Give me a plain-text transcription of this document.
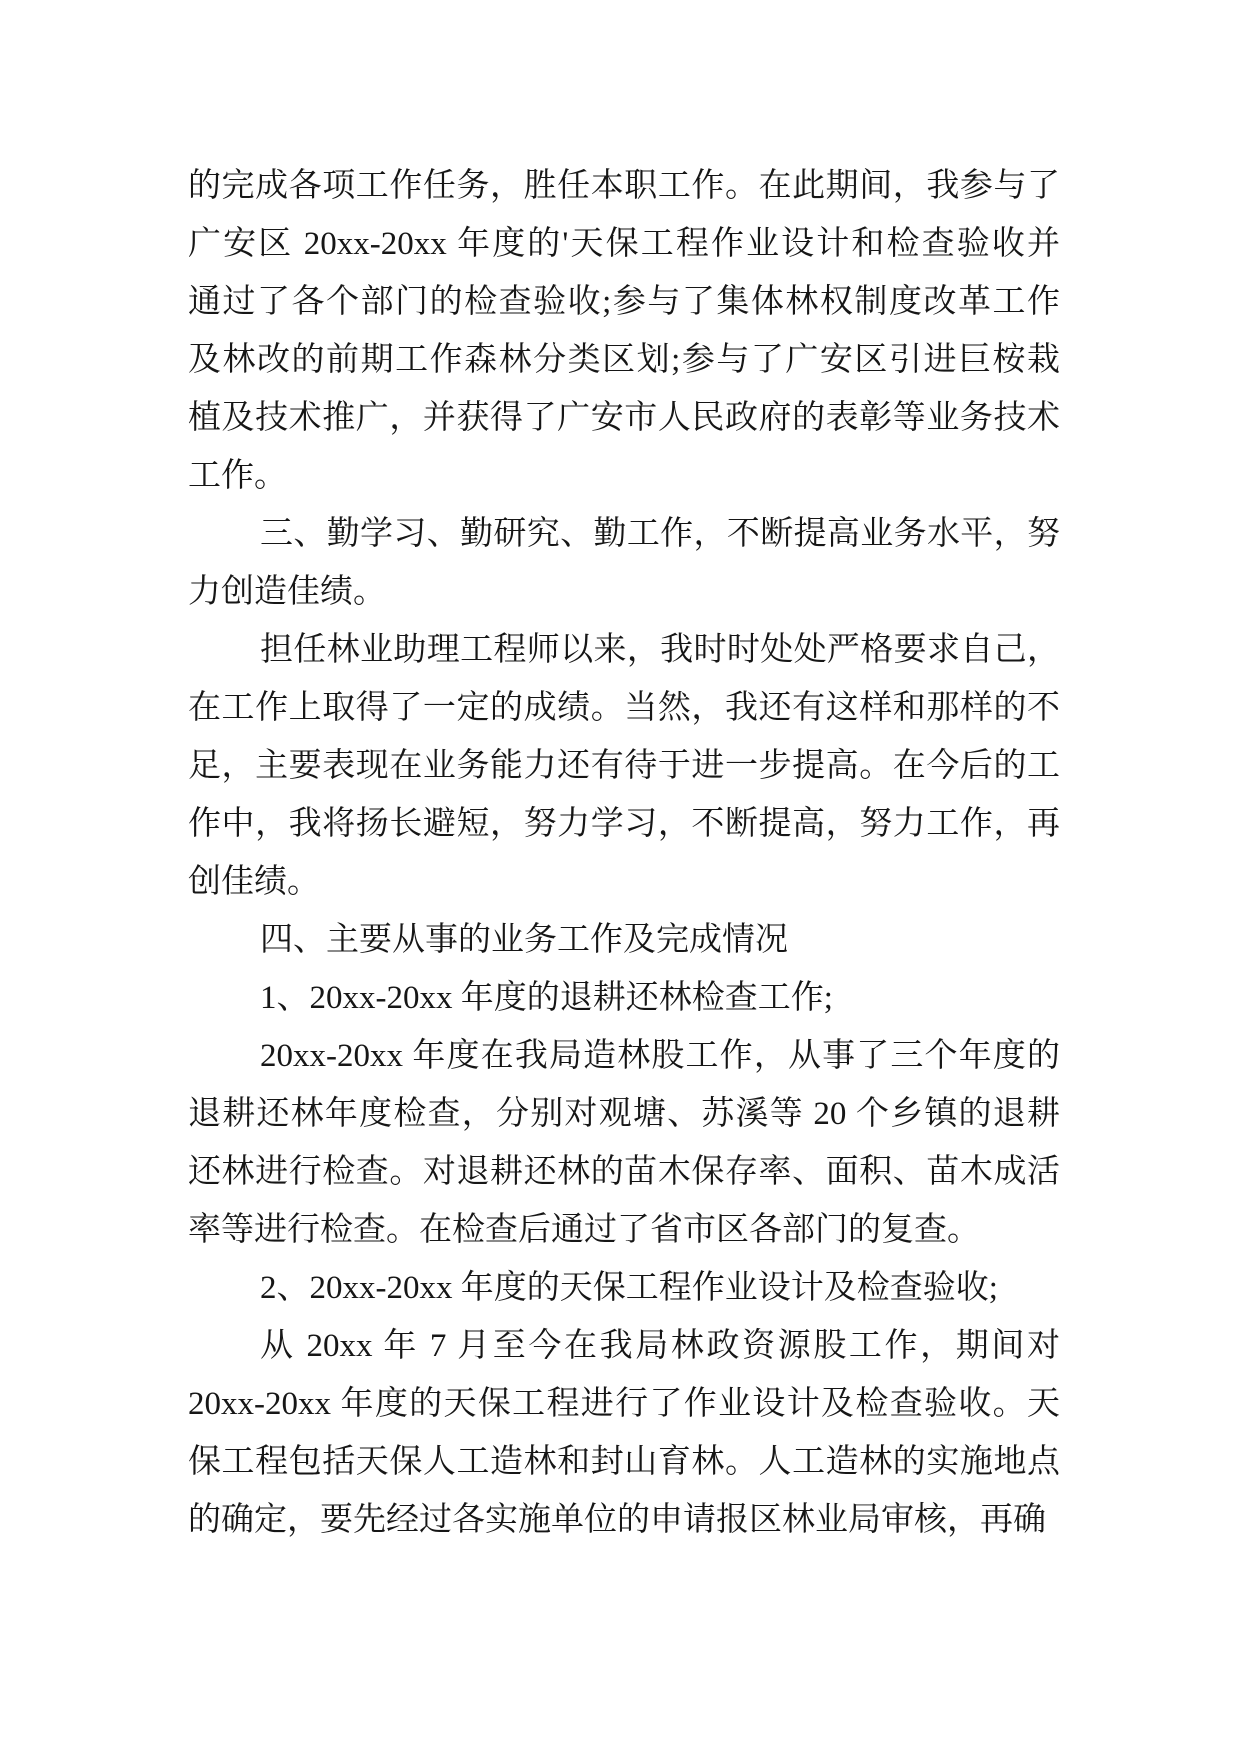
的完成各项工作任务，胜任本职工作。在此期间，我参与了
广安区 20xx-20xx 年度的'天保工程作业设计和检查验收并
通过了各个部门的检查验收;参与了集体林权制度改革工作
及林改的前期工作森林分类区划;参与了广安区引进巨桉栽
植及技术推广，并获得了广安市人民政府的表彰等业务技术
工作。
三、勤学习、勤研究、勤工作，不断提高业务水平，努
力创造佳绩。
担任林业助理工程师以来，我时时处处严格要求自己，
在工作上取得了一定的成绩。当然，我还有这样和那样的不
足，主要表现在业务能力还有待于进一步提高。在今后的工
作中，我将扬长避短，努力学习，不断提高，努力工作，再
创佳绩。
四、主要从事的业务工作及完成情况
1、20xx-20xx 年度的退耕还林检查工作;
20xx-20xx 年度在我局造林股工作，从事了三个年度的
退耕还林年度检查，分别对观塘、苏溪等 20 个乡镇的退耕
还林进行检查。对退耕还林的苗木保存率、面积、苗木成活
率等进行检查。在检查后通过了省市区各部门的复查。
2、20xx-20xx 年度的天保工程作业设计及检查验收;
从 20xx 年 7 月至今在我局林政资源股工作，期间对
20xx-20xx 年度的天保工程进行了作业设计及检查验收。天
保工程包括天保人工造林和封山育林。人工造林的实施地点
的确定，要先经过各实施单位的申请报区林业局审核，再确
